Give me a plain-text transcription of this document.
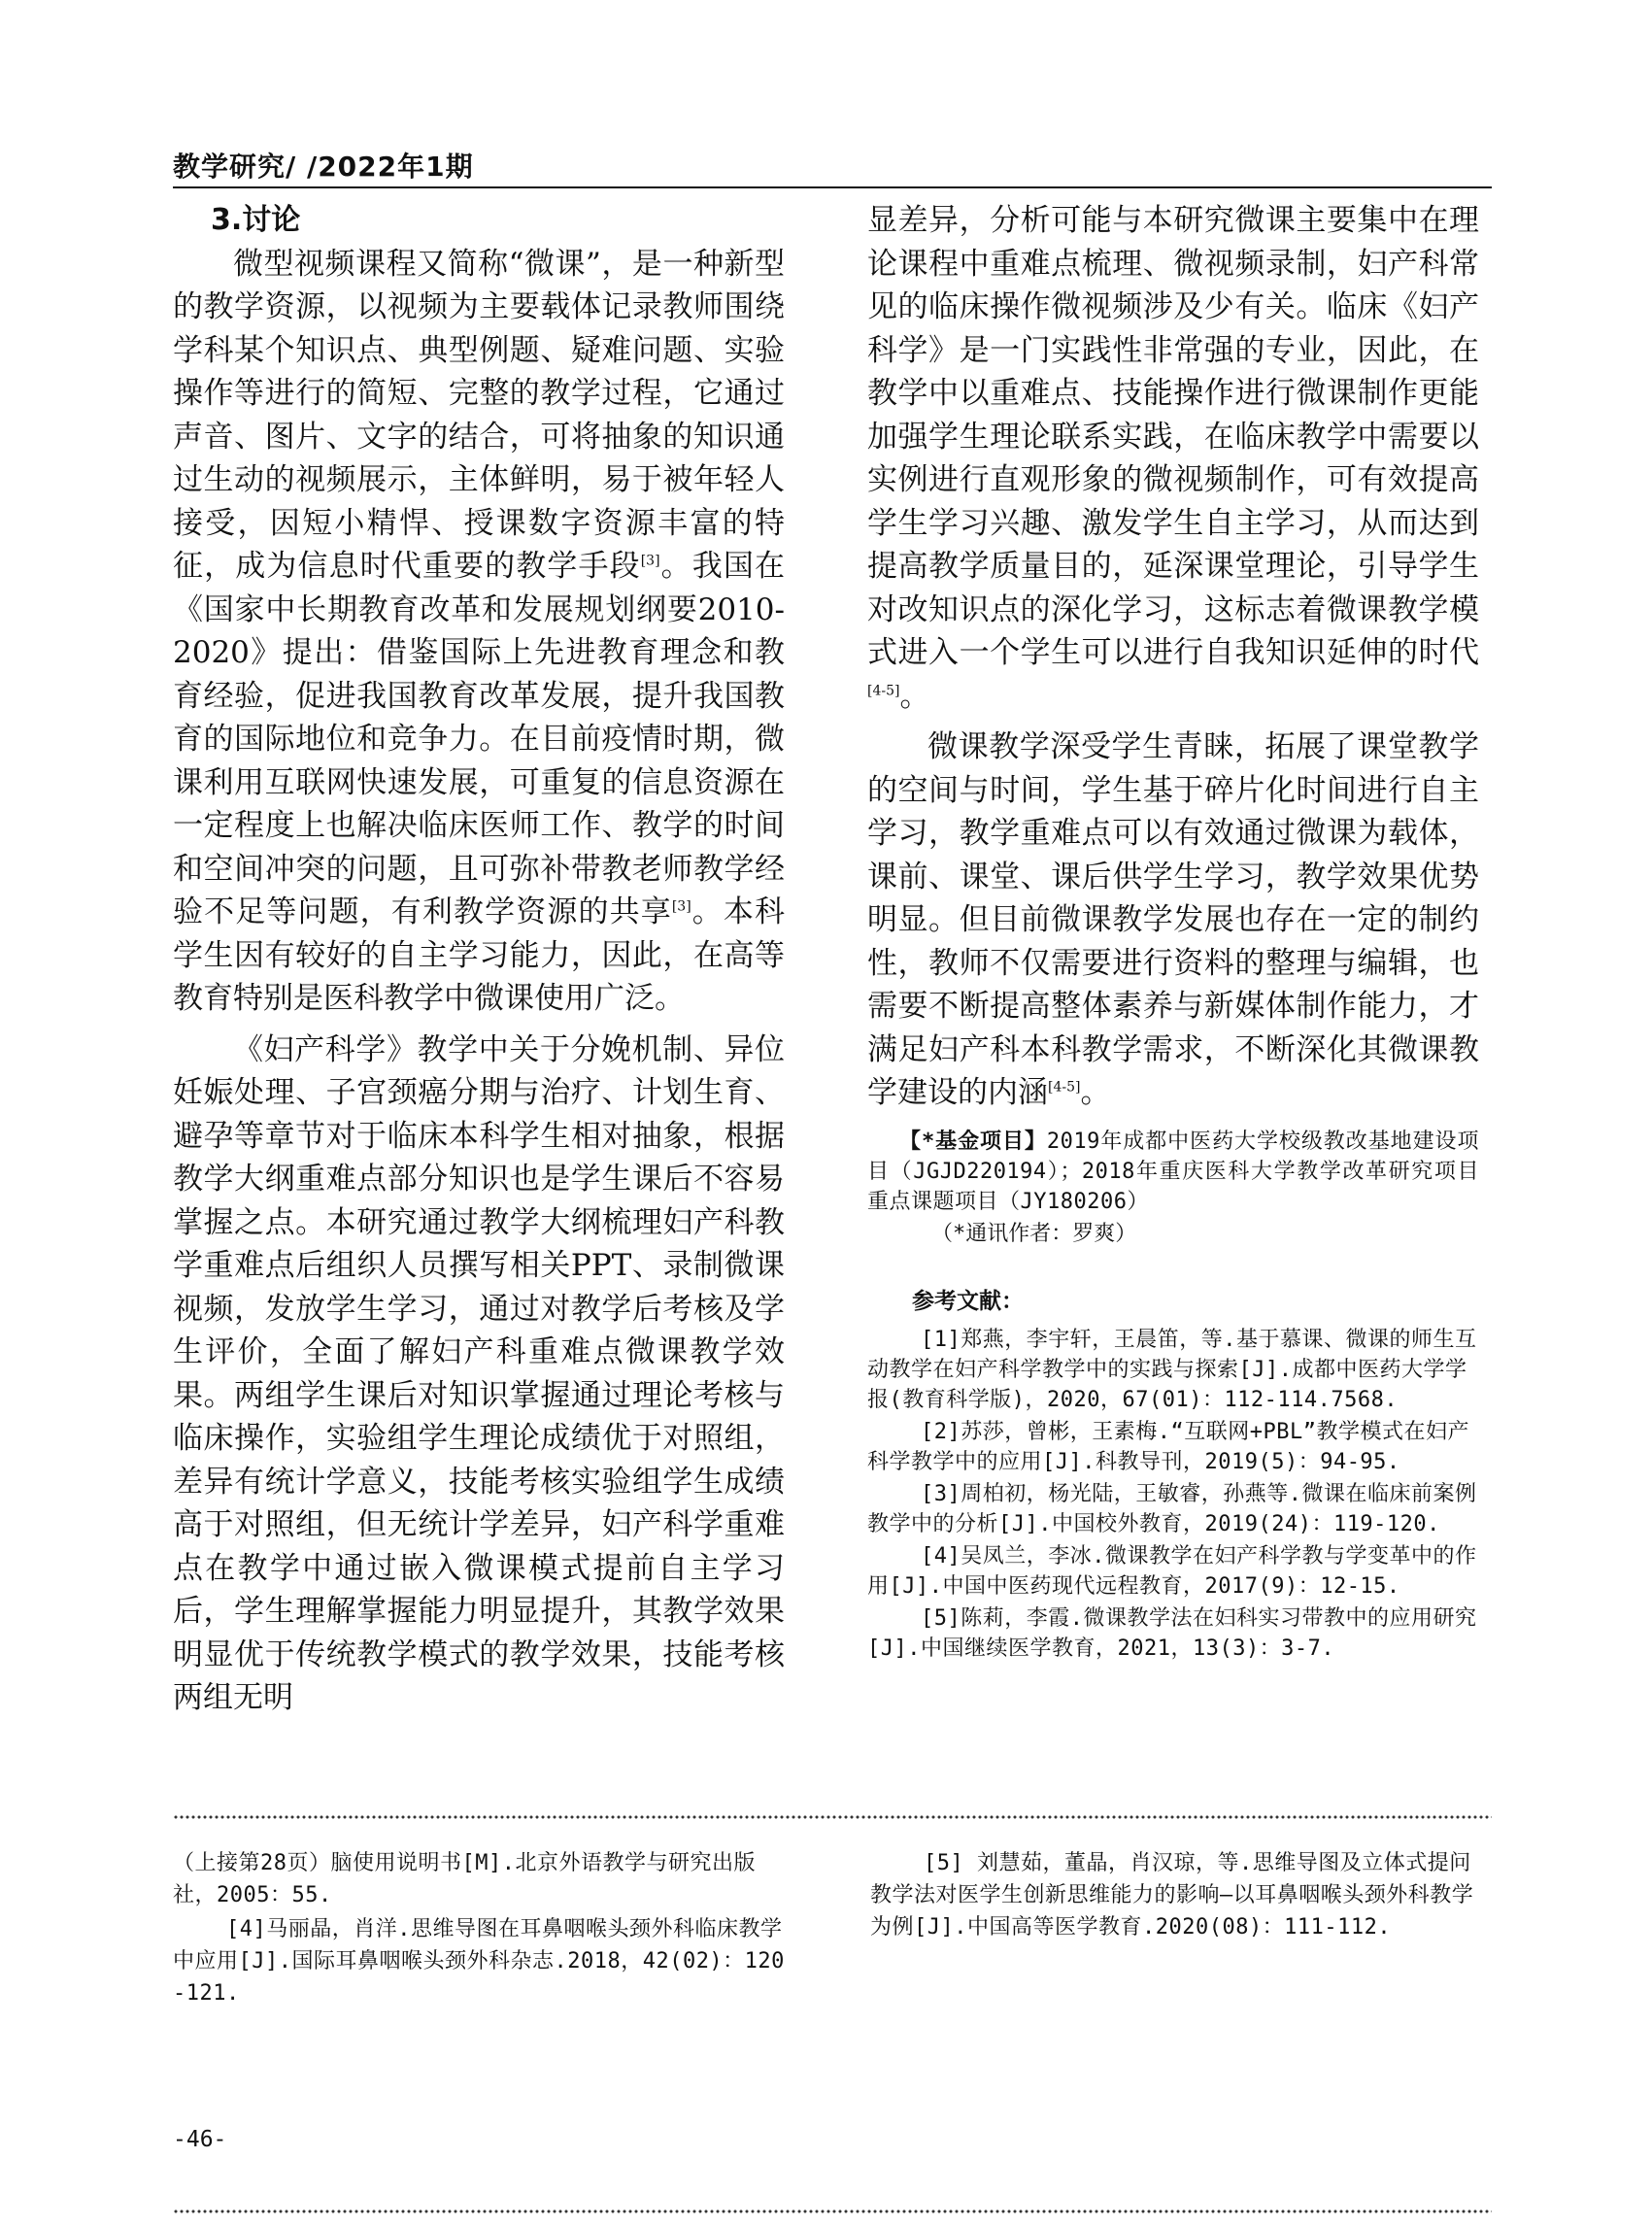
教学研究/ /2022年1期
3.讨论

微型视频课程又简称“微课”，是一种新型的教学资源，以视频为主要载体记录教师围绕学科某个知识点、典型例题、疑难问题、实验操作等进行的简短、完整的教学过程，它通过声音、图片、文字的结合，可将抽象的知识通过生动的视频展示，主体鲜明，易于被年轻人接受，因短小精悍、授课数字资源丰富的特征，成为信息时代重要的教学手段[3]。我国在《国家中长期教育改革和发展规划纲要2010-2020》提出：借鉴国际上先进教育理念和教育经验，促进我国教育改革发展，提升我国教育的国际地位和竞争力。在目前疫情时期，微课利用互联网快速发展，可重复的信息资源在一定程度上也解决临床医师工作、教学的时间和空间冲突的问题，且可弥补带教老师教学经验不足等问题，有利教学资源的共享[3]。本科学生因有较好的自主学习能力，因此，在高等教育特别是医科教学中微课使用广泛。

《妇产科学》教学中关于分娩机制、异位妊娠处理、子宫颈癌分期与治疗、计划生育、避孕等章节对于临床本科学生相对抽象，根据教学大纲重难点部分知识也是学生课后不容易掌握之点。本研究通过教学大纲梳理妇产科教学重难点后组织人员撰写相关PPT、录制微课视频，发放学生学习，通过对教学后考核及学生评价，全面了解妇产科重难点微课教学效果。两组学生课后对知识掌握通过理论考核与临床操作，实验组学生理论成绩优于对照组，差异有统计学意义，技能考核实验组学生成绩高于对照组，但无统计学差异，妇产科学重难点在教学中通过嵌入微课模式提前自主学习后，学生理解掌握能力明显提升，其教学效果明显优于传统教学模式的教学效果，技能考核两组无明

显差异，分析可能与本研究微课主要集中在理论课程中重难点梳理、微视频录制，妇产科常见的临床操作微视频涉及少有关。临床《妇产科学》是一门实践性非常强的专业，因此，在教学中以重难点、技能操作进行微课制作更能加强学生理论联系实践，在临床教学中需要以实例进行直观形象的微视频制作，可有效提高学生学习兴趣、激发学生自主学习，从而达到提高教学质量目的，延深课堂理论，引导学生对改知识点的深化学习，这标志着微课教学模式进入一个学生可以进行自我知识延伸的时代[4-5]。

微课教学深受学生青睐，拓展了课堂教学的空间与时间，学生基于碎片化时间进行自主学习，教学重难点可以有效通过微课为载体，课前、课堂、课后供学生学习，教学效果优势明显。但目前微课教学发展也存在一定的制约性，教师不仅需要进行资料的整理与编辑，也需要不断提高整体素养与新媒体制作能力，才满足妇产科本科教学需求，不断深化其微课教学建设的内涵[4-5]。

【*基金项目】2019年成都中医药大学校级教改基地建设项目（JGJD220194）；2018年重庆医科大学教学改革研究项目重点课题项目（JY180206）
（*通讯作者：罗爽）
参考文献：
[1]郑燕，李宇轩，王晨笛，等.基于慕课、微课的师生互动教学在妇产科学教学中的实践与探索[J].成都中医药大学学报(教育科学版)，2020，67(01)：112-114.7568.
[2]苏莎，曾彬，王素梅.“互联网+PBL”教学模式在妇产科学教学中的应用[J].科教导刊，2019(5)：94-95.
[3]周柏初，杨光陆，王敏睿，孙燕等.微课在临床前案例教学中的分析[J].中国校外教育，2019(24)：119-120.
[4]吴凤兰，李冰.微课教学在妇产科学教与学变革中的作用[J].中国中医药现代远程教育，2017(9)：12-15.
[5]陈莉，李霞.微课教学法在妇科实习带教中的应用研究[J].中国继续医学教育，2021，13(3)：3-7.
（上接第28页）脑使用说明书[M].北京外语教学与研究出版社，2005：55.
[4]马丽晶，肖洋.思维导图在耳鼻咽喉头颈外科临床教学中应用[J].国际耳鼻咽喉头颈外科杂志.2018，42(02)：120-121.
[5] 刘慧茹，董晶，肖汉琼，等.思维导图及立体式提问教学法对医学生创新思维能力的影响—以耳鼻咽喉头颈外科教学为例[J].中国高等医学教育.2020(08)：111-112.
-46-
